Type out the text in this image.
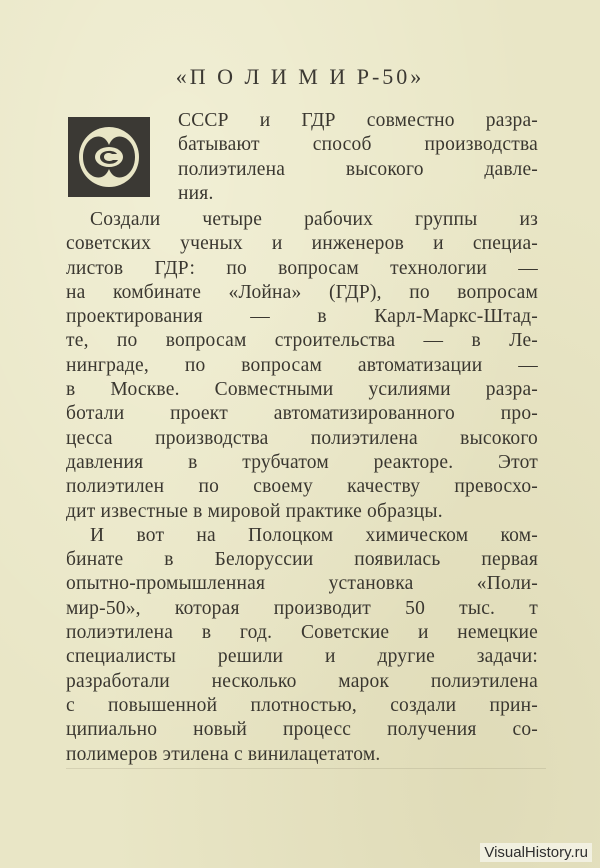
«П О Л И М И Р-50»
СССР и ГДР совместно разра-
батывают способ производства
полиэтилена высокого давле-
ния.
Создали четыре рабочих группы из
советских ученых и инженеров и специа-
листов ГДР: по вопросам технологии —
на комбинате «Лойна» (ГДР), по вопросам
проектирования — в Карл-Маркс-Штад-
те, по вопросам строительства — в Ле-
нинграде, по вопросам автоматизации —
в Москве. Совместными усилиями разра-
ботали проект автоматизированного про-
цесса производства полиэтилена высокого
давления в трубчатом реакторе. Этот
полиэтилен по своему качеству превосхо-
дит известные в мировой практике образцы.
И вот на Полоцком химическом ком-
бинате в Белоруссии появилась первая
опытно-промышленная установка «Поли-
мир-50», которая производит 50 тыс. т
полиэтилена в год. Советские и немецкие
специалисты решили и другие задачи:
разработали несколько марок полиэтилена
с повышенной плотностью, создали прин-
ципиально новый процесс получения со-
полимеров этилена с винилацетатом.
VisualHistory.ru
